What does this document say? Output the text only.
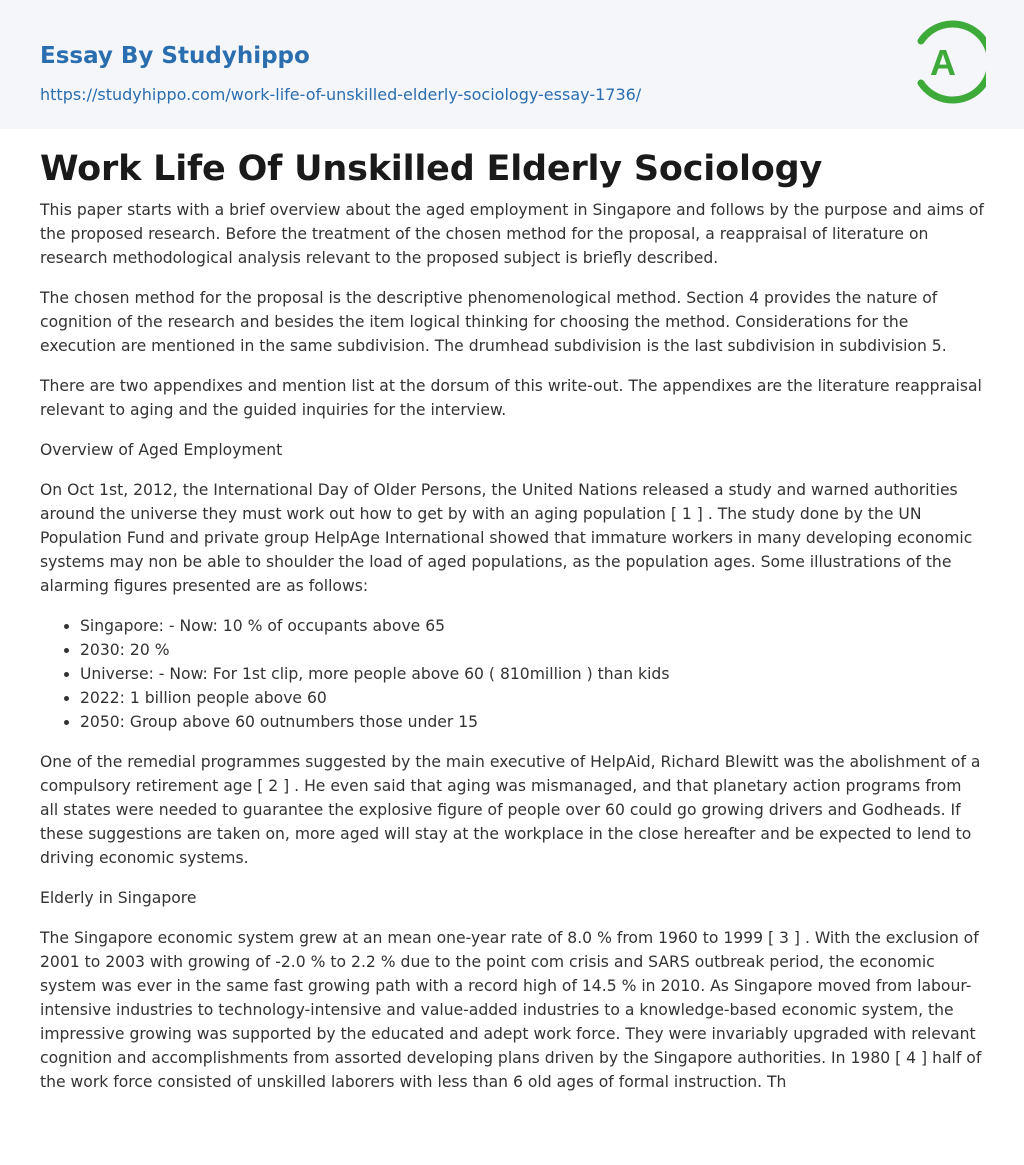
Essay By Studyhippo
https://studyhippo.com/work-life-of-unskilled-elderly-sociology-essay-1736/
A
Work Life Of Unskilled Elderly Sociology

This paper starts with a brief overview about the aged employment in Singapore and follows by the purpose and aims of the proposed research. Before the treatment of the chosen method for the proposal, a reappraisal of literature on research methodological analysis relevant to the proposed subject is briefly described.

The chosen method for the proposal is the descriptive phenomenological method. Section 4 provides the nature of cognition of the research and besides the item logical thinking for choosing the method. Considerations for the execution are mentioned in the same subdivision. The drumhead subdivision is the last subdivision in subdivision 5.

There are two appendixes and mention list at the dorsum of this write-out. The appendixes are the literature reappraisal relevant to aging and the guided inquiries for the interview.

Overview of Aged Employment

On Oct 1st, 2012, the International Day of Older Persons, the United Nations released a study and warned authorities around the universe they must work out how to get by with an aging population [ 1 ] . The study done by the UN Population Fund and private group HelpAge International showed that immature workers in many developing economic systems may non be able to shoulder the load of aged populations, as the population ages. Some illustrations of the alarming figures presented are as follows:

• Singapore: - Now: 10 % of occupants above 65
• 2030: 20 %
• Universe: - Now: For 1st clip, more people above 60 ( 810million ) than kids
• 2022: 1 billion people above 60
• 2050: Group above 60 outnumbers those under 15

One of the remedial programmes suggested by the main executive of HelpAid, Richard Blewitt was the abolishment of a compulsory retirement age [ 2 ] . He even said that aging was mismanaged, and that planetary action programs from all states were needed to guarantee the explosive figure of people over 60 could go growing drivers and Godheads. If these suggestions are taken on, more aged will stay at the workplace in the close hereafter and be expected to lend to driving economic systems.

Elderly in Singapore

The Singapore economic system grew at an mean one-year rate of 8.0 % from 1960 to 1999 [ 3 ] . With the exclusion of 2001 to 2003 with growing of -2.0 % to 2.2 % due to the point com crisis and SARS outbreak period, the economic system was ever in the same fast growing path with a record high of 14.5 % in 2010. As Singapore moved from labour- intensive industries to technology-intensive and value-added industries to a knowledge-based economic system, the impressive growing was supported by the educated and adept work force. They were invariably upgraded with relevant cognition and accomplishments from assorted developing plans driven by the Singapore authorities. In 1980 [ 4 ] half of the work force consisted of unskilled laborers with less than 6 old ages of formal instruction. Th
